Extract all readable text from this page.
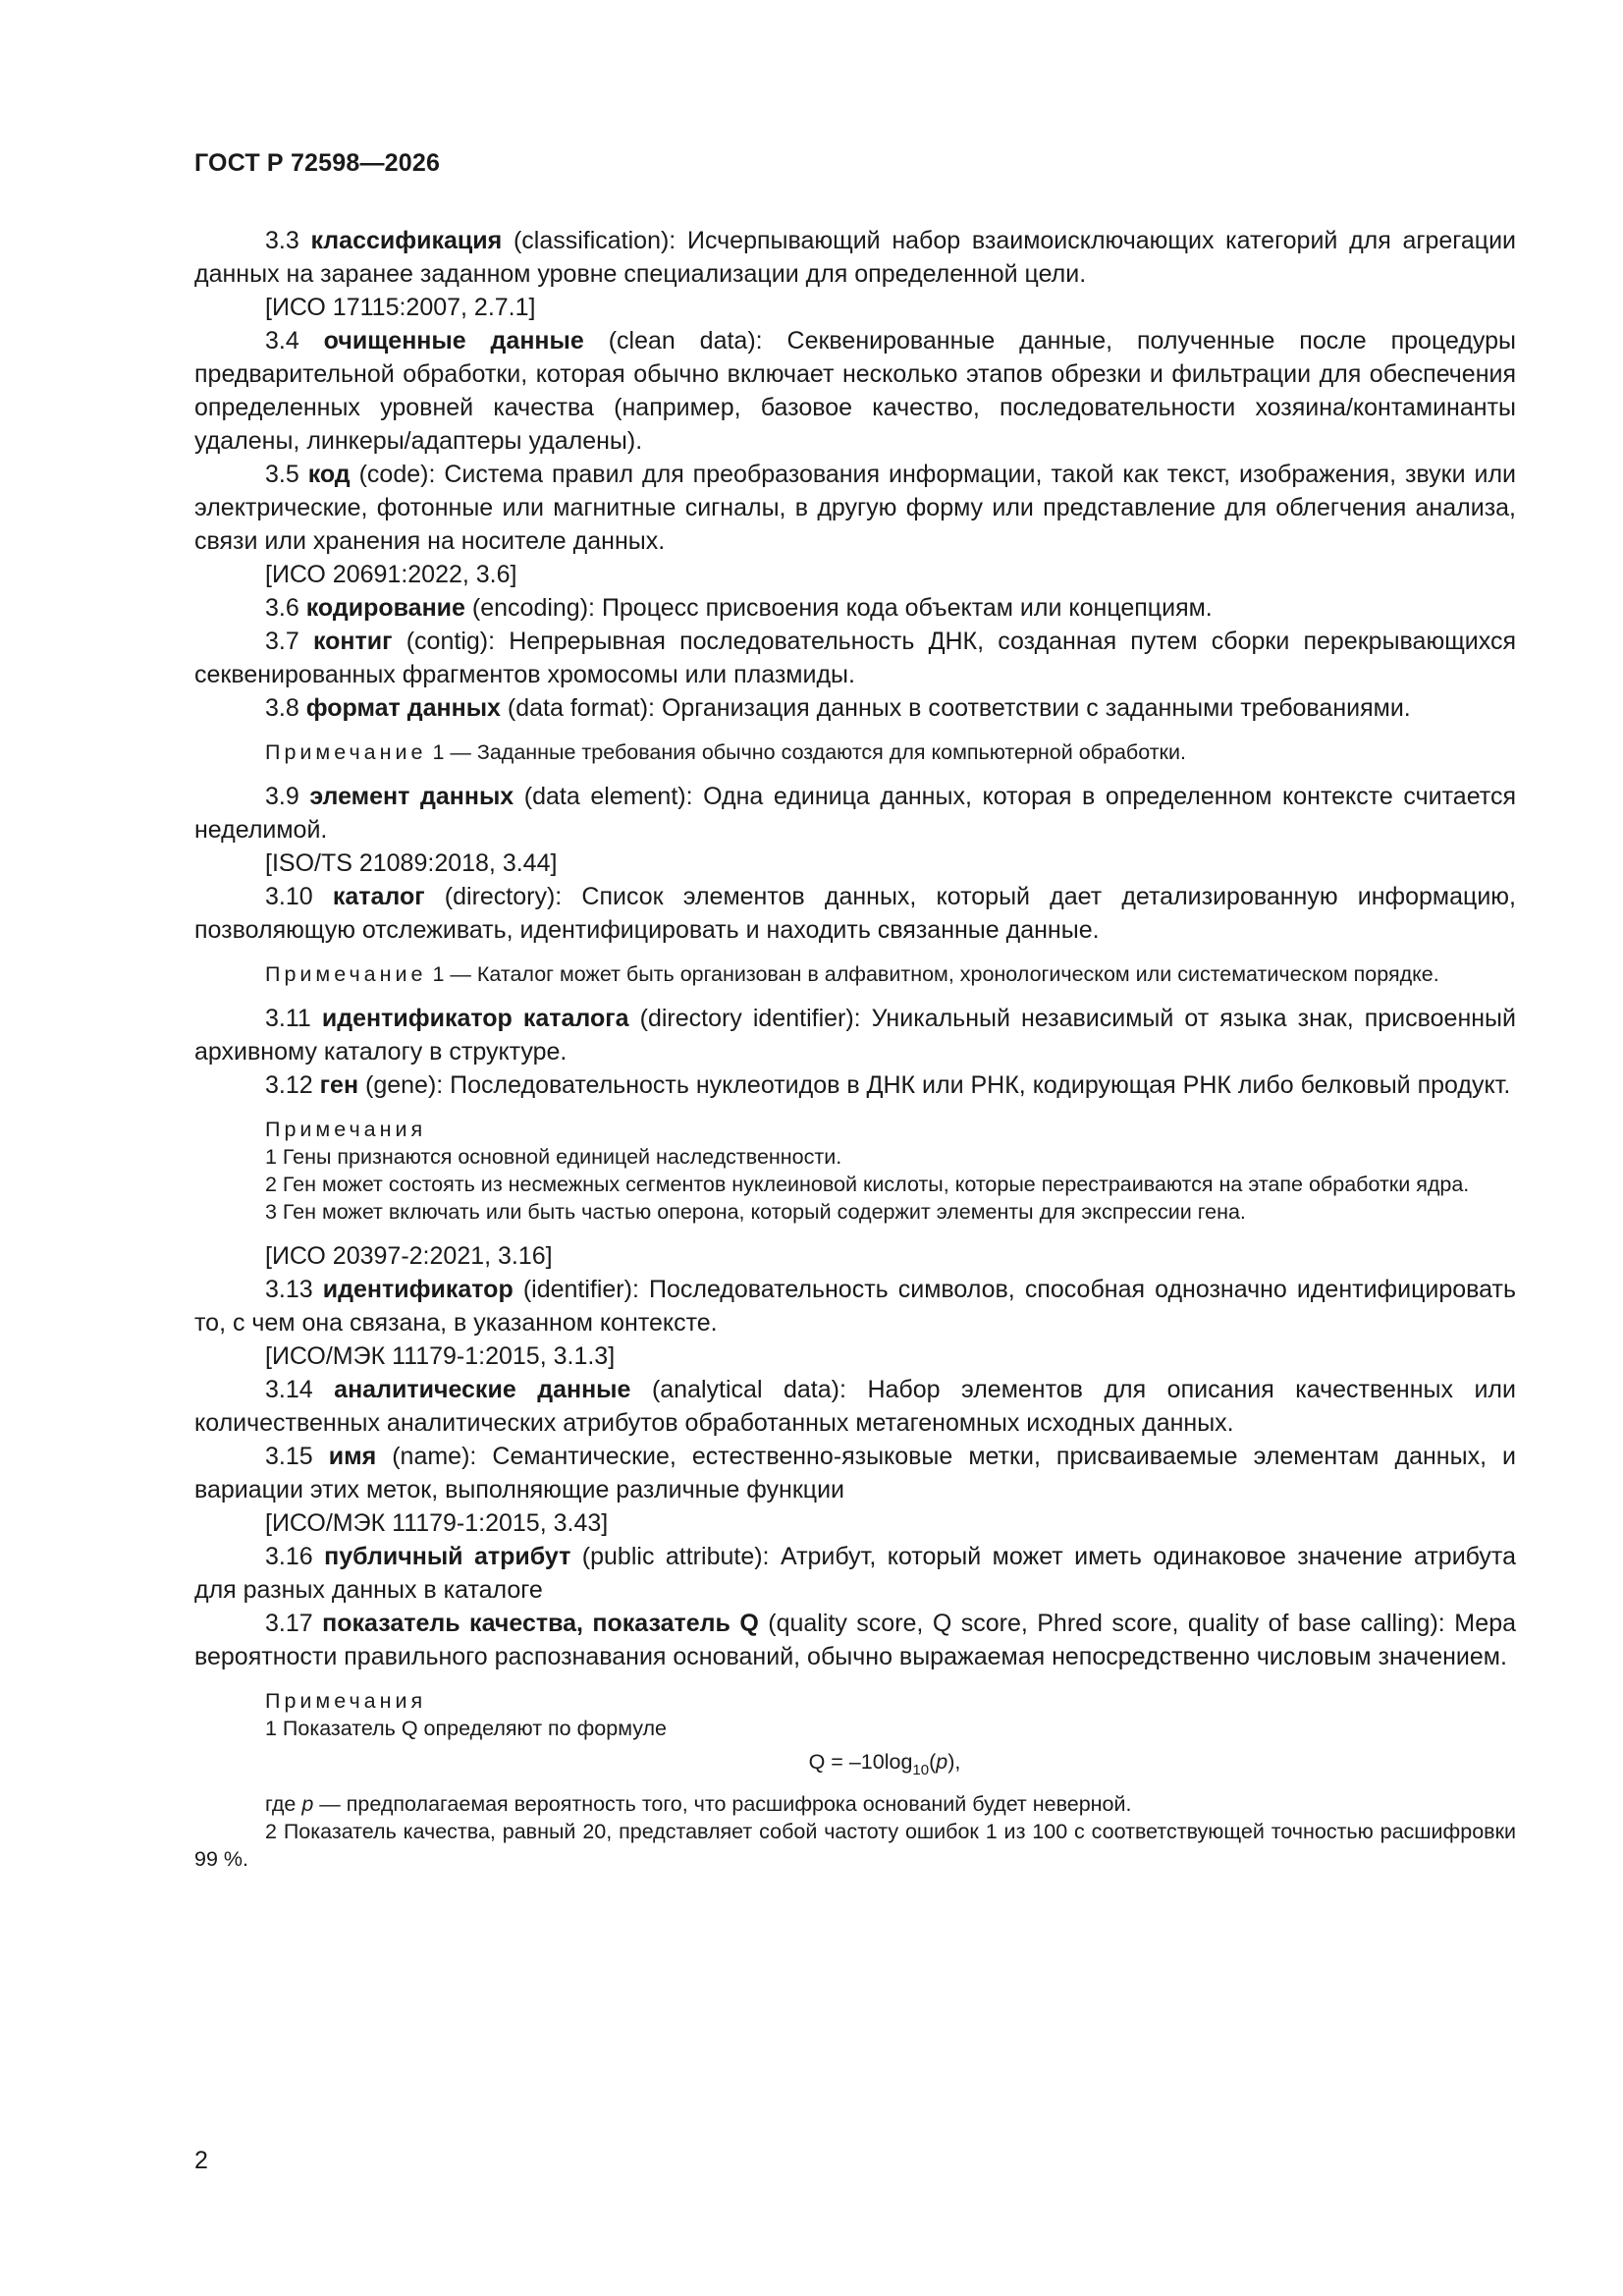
ГОСТ Р 72598—2026

3.3 классификация (classification): Исчерпывающий набор взаимоисключающих категорий для агрегации данных на заранее заданном уровне специализации для определенной цели.

[ИСО 17115:2007, 2.7.1]

3.4 очищенные данные (clean data): Секвенированные данные, полученные после процедуры предварительной обработки, которая обычно включает несколько этапов обрезки и фильтрации для обеспечения определенных уровней качества (например, базовое качество, последовательности хозяина/контаминанты удалены, линкеры/адаптеры удалены).

3.5 код (code): Система правил для преобразования информации, такой как текст, изображения, звуки или электрические, фотонные или магнитные сигналы, в другую форму или представление для облегчения анализа, связи или хранения на носителе данных.

[ИСО 20691:2022, 3.6]

3.6 кодирование (encoding): Процесс присвоения кода объектам или концепциям.

3.7 контиг (contig): Непрерывная последовательность ДНК, созданная путем сборки перекрывающихся секвенированных фрагментов хромосомы или плазмиды.

3.8 формат данных (data format): Организация данных в соответствии с заданными требованиями.

Примечание 1 — Заданные требования обычно создаются для компьютерной обработки.

3.9 элемент данных (data element): Одна единица данных, которая в определенном контексте считается неделимой.

[ISO/TS 21089:2018, 3.44]

3.10 каталог (directory): Список элементов данных, который дает детализированную информацию, позволяющую отслеживать, идентифицировать и находить связанные данные.

Примечание 1 — Каталог может быть организован в алфавитном, хронологическом или систематическом порядке.

3.11 идентификатор каталога (directory identifier): Уникальный независимый от языка знак, присвоенный архивному каталогу в структуре.

3.12 ген (gene): Последовательность нуклеотидов в ДНК или РНК, кодирующая РНК либо белковый продукт.

Примечания

1 Гены признаются основной единицей наследственности.

2 Ген может состоять из несмежных сегментов нуклеиновой кислоты, которые перестраиваются на этапе обработки ядра.

3 Ген может включать или быть частью оперона, который содержит элементы для экспрессии гена.

[ИСО 20397-2:2021, 3.16]

3.13 идентификатор (identifier): Последовательность символов, способная однозначно идентифицировать то, с чем она связана, в указанном контексте.

[ИСО/МЭК 11179-1:2015, 3.1.3]

3.14 аналитические данные (analytical data): Набор элементов для описания качественных или количественных аналитических атрибутов обработанных метагеномных исходных данных.

3.15 имя (name): Семантические, естественно-языковые метки, присваиваемые элементам данных, и вариации этих меток, выполняющие различные функции

[ИСО/МЭК 11179-1:2015, 3.43]

3.16 публичный атрибут (public attribute): Атрибут, который может иметь одинаковое значение атрибута для разных данных в каталоге

3.17 показатель качества, показатель Q (quality score, Q score, Phred score, quality of base calling): Мера вероятности правильного распознавания оснований, обычно выражаемая непосредственно числовым значением.

Примечания

1 Показатель Q определяют по формуле

$Q = -10\log_{10}(p)$,

где p — предполагаемая вероятность того, что расшифрока оснований будет неверной.

2 Показатель качества, равный 20, представляет собой частоту ошибок 1 из 100 с соответствующей точностью расшифровки 99 %.

2
